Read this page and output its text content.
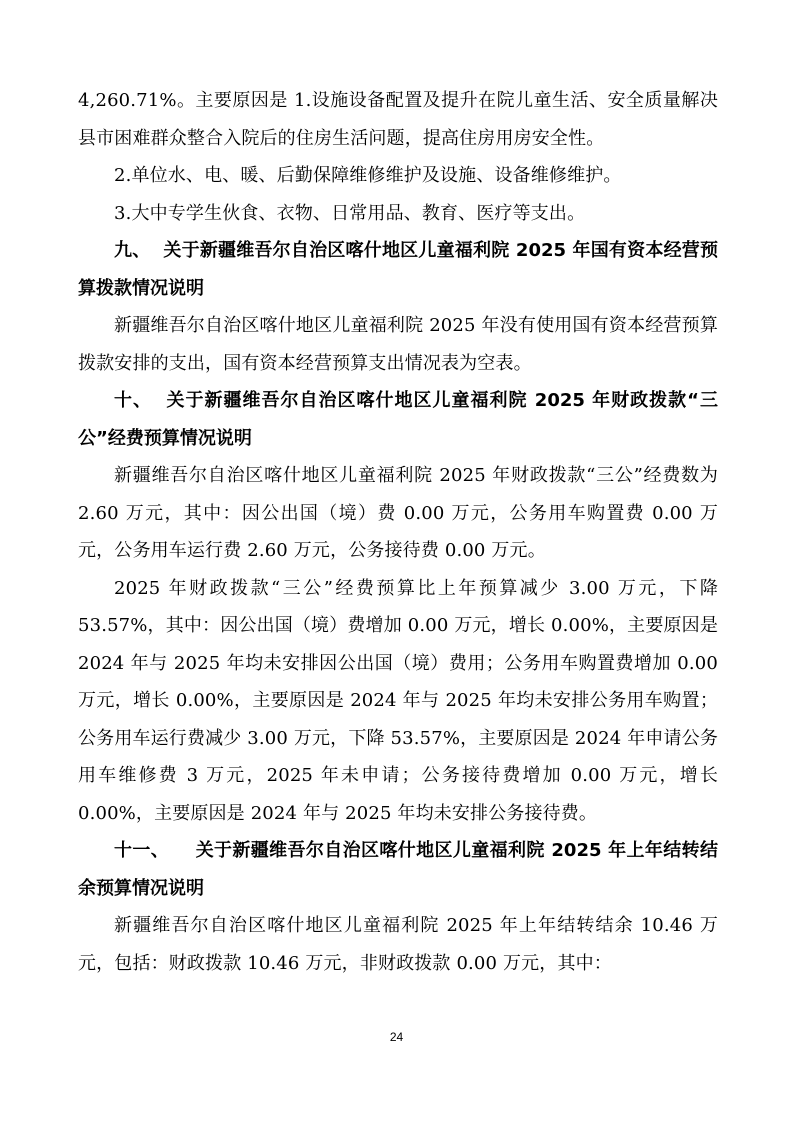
4,260.71%。主要原因是 1.设施设备配置及提升在院儿童生活、安全质量解决县市困难群众整合入院后的住房生活问题，提高住房用房安全性。

2.单位水、电、暖、后勤保障维修维护及设施、设备维修维护。

3.大中专学生伙食、衣物、日常用品、教育、医疗等支出。

九、 关于新疆维吾尔自治区喀什地区儿童福利院 2025 年国有资本经营预算拨款情况说明

新疆维吾尔自治区喀什地区儿童福利院 2025 年没有使用国有资本经营预算拨款安排的支出，国有资本经营预算支出情况表为空表。

十、 关于新疆维吾尔自治区喀什地区儿童福利院 2025 年财政拨款“三公”经费预算情况说明

新疆维吾尔自治区喀什地区儿童福利院 2025 年财政拨款“三公”经费数为 2.60 万元，其中：因公出国（境）费 0.00 万元，公务用车购置费 0.00 万元，公务用车运行费 2.60 万元，公务接待费 0.00 万元。

2025 年财政拨款“三公”经费预算比上年预算减少 3.00 万元，下降 53.57%，其中：因公出国（境）费增加 0.00 万元，增长 0.00%，主要原因是 2024 年与 2025 年均未安排因公出国（境）费用；公务用车购置费增加 0.00 万元，增长 0.00%，主要原因是 2024 年与 2025 年均未安排公务用车购置；公务用车运行费减少 3.00 万元，下降 53.57%，主要原因是 2024 年申请公务用车维修费 3 万元，2025 年未申请；公务接待费增加 0.00 万元，增长 0.00%，主要原因是 2024 年与 2025 年均未安排公务接待费。

十一、 关于新疆维吾尔自治区喀什地区儿童福利院 2025 年上年结转结余预算情况说明

新疆维吾尔自治区喀什地区儿童福利院 2025 年上年结转结余 10.46 万元，包括：财政拨款 10.46 万元，非财政拨款 0.00 万元，其中：

24
